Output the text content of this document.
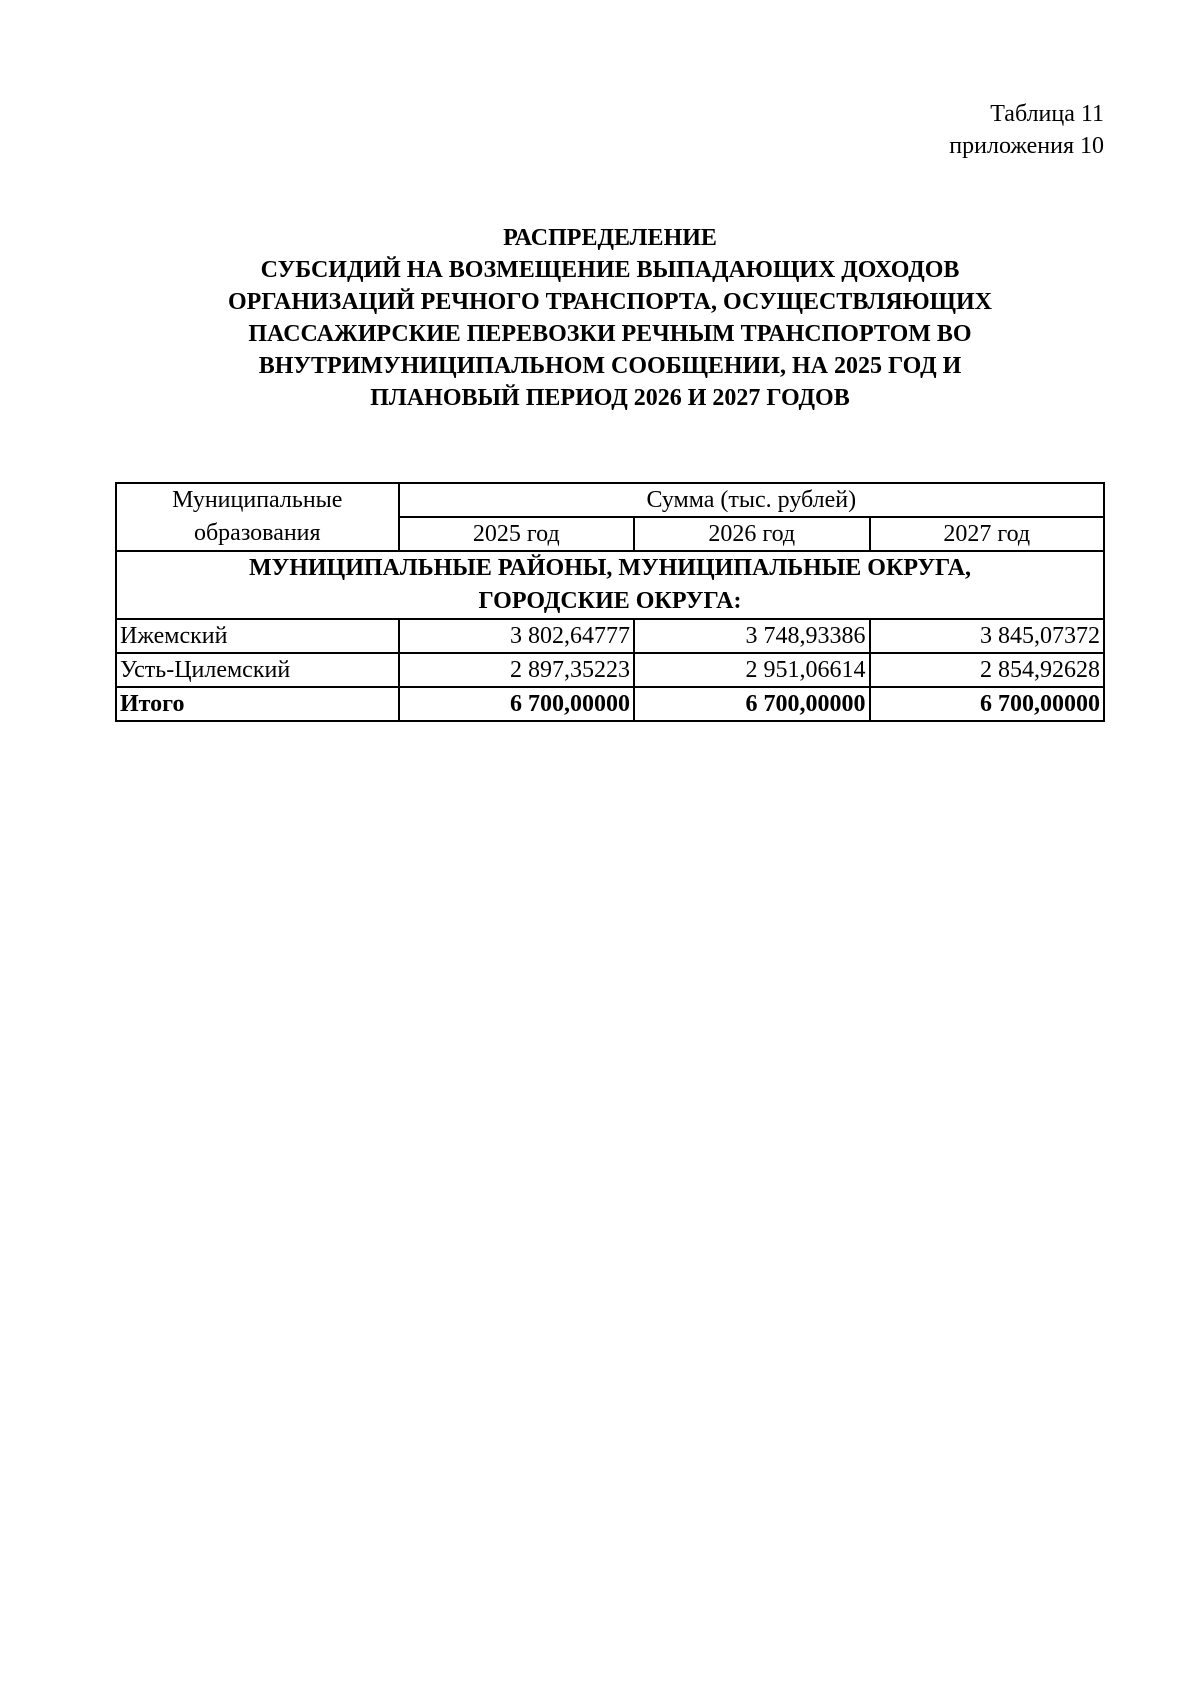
Таблица 11
приложения 10
РАСПРЕДЕЛЕНИЕ
СУБСИДИЙ НА ВОЗМЕЩЕНИЕ ВЫПАДАЮЩИХ ДОХОДОВ
ОРГАНИЗАЦИЙ РЕЧНОГО ТРАНСПОРТА, ОСУЩЕСТВЛЯЮЩИХ
ПАССАЖИРСКИЕ ПЕРЕВОЗКИ РЕЧНЫМ ТРАНСПОРТОМ ВО
ВНУТРИМУНИЦИПАЛЬНОМ СООБЩЕНИИ, НА 2025 ГОД И
ПЛАНОВЫЙ ПЕРИОД 2026 И 2027 ГОДОВ
Муниципальные
образования	Сумма (тыс. рублей)		
	2025 год	2026 год	2027 год

МУНИЦИПАЛЬНЫЕ РАЙОНЫ, МУНИЦИПАЛЬНЫЕ ОКРУГА,
ГОРОДСКИЕ ОКРУГА:			

Ижемский	3 802,64777	3 748,93386	3 845,07372
Усть-Цилемский	2 897,35223	2 951,06614	2 854,92628
Итого	6 700,00000	6 700,00000	6 700,00000
